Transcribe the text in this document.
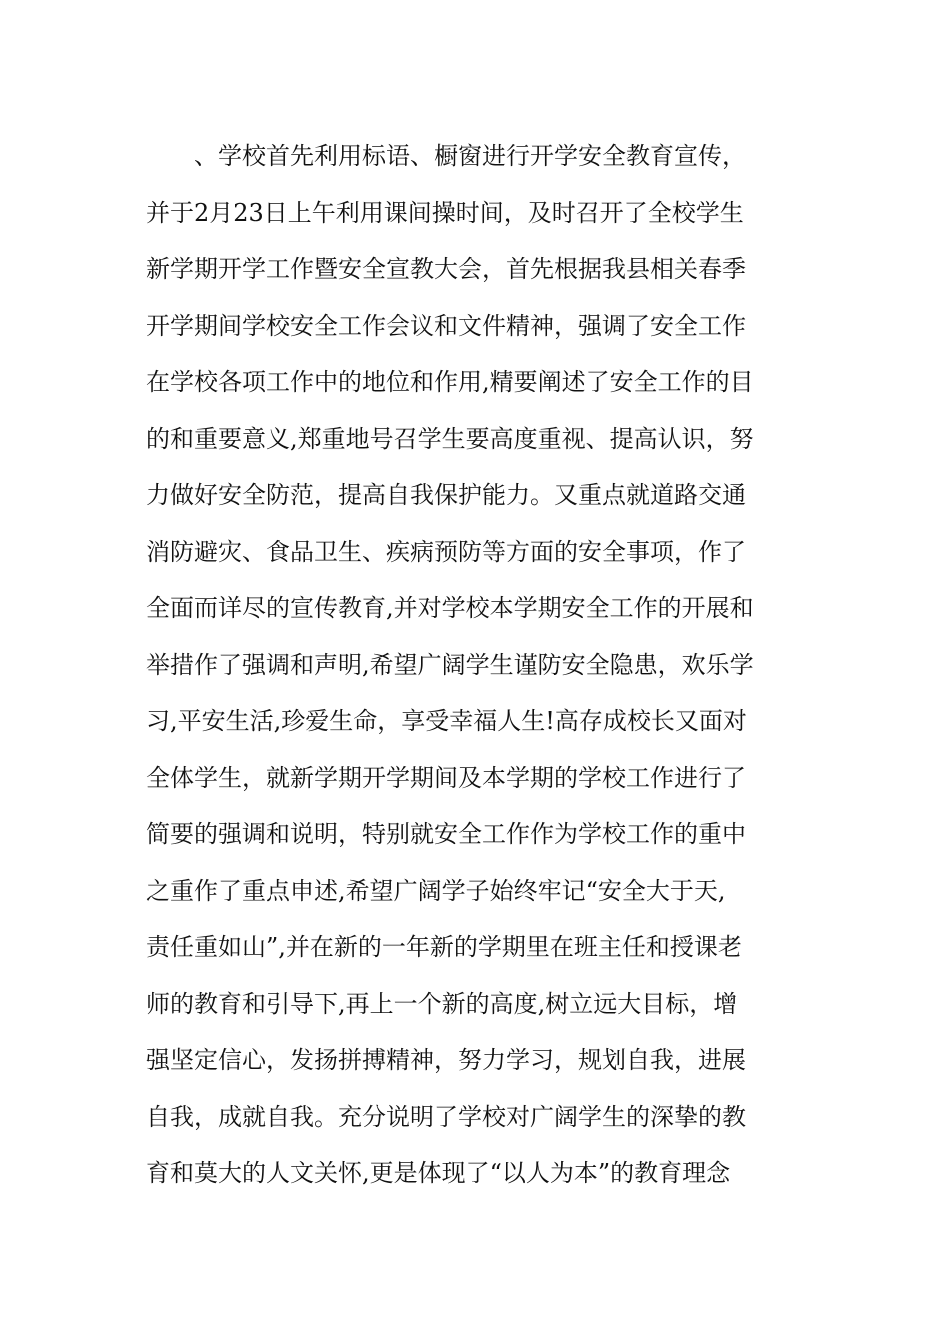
、学校首先利用标语、橱窗进行开学安全教育宣传，
并于2月23日上午利用课间操时间，及时召开了全校学生
新学期开学工作暨安全宣教大会，首先根据我县相关春季
开学期间学校安全工作会议和文件精神，强调了安全工作
在学校各项工作中的地位和作用,精要阐述了安全工作的目
的和重要意义,郑重地号召学生要高度重视、提高认识，努
力做好安全防范，提高自我保护能力。又重点就道路交通
消防避灾、食品卫生、疾病预防等方面的安全事项，作了
全面而详尽的宣传教育,并对学校本学期安全工作的开展和
举措作了强调和声明,希望广阔学生谨防安全隐患，欢乐学
习,平安生活,珍爱生命，享受幸福人生!高存成校长又面对
全体学生，就新学期开学期间及本学期的学校工作进行了
简要的强调和说明，特别就安全工作作为学校工作的重中
之重作了重点申述,希望广阔学子始终牢记“安全大于天,
责任重如山”,并在新的一年新的学期里在班主任和授课老
师的教育和引导下,再上一个新的高度,树立远大目标，增
强坚定信心，发扬拼搏精神，努力学习，规划自我，进展
自我，成就自我。充分说明了学校对广阔学生的深挚的教
育和莫大的人文关怀,更是体现了“以人为本”的教育理念
